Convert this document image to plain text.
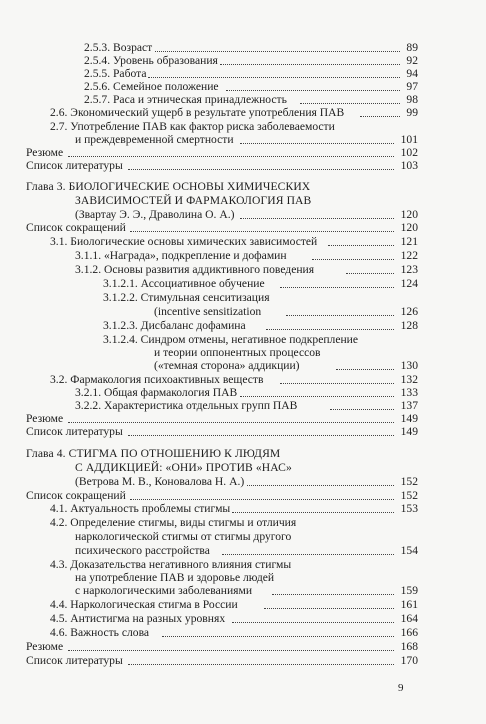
2.5.3. Возраст	89
2.5.4. Уровень образования	92
2.5.5. Работа	94
2.5.6. Семейное положение	97
2.5.7. Раса и этническая принадлежность	98
2.6. Экономический ущерб в результате употребления ПАВ	99
2.7. Употребление ПАВ как фактор риска заболеваемости
и преждевременной смертности	101
Резюме	102
Список литературы	103
Глава 3. БИОЛОГИЧЕСКИЕ ОСНОВЫ ХИМИЧЕСКИХ
ЗАВИСИМОСТЕЙ И ФАРМАКОЛОГИЯ ПАВ
(Звартау Э. Э., Драволина О. А.)	120
Список сокращений	120
3.1. Биологические основы химических зависимостей	121
3.1.1. «Награда», подкрепление и дофамин	122
3.1.2. Основы развития аддиктивного поведения	123
3.1.2.1. Ассоциативное обучение	124
3.1.2.2. Стимульная сенситизация
(incentive sensitization	126
3.1.2.3. Дисбаланс дофамина	128
3.1.2.4. Синдром отмены, негативное подкрепление
и теории оппонентных процессов
(«темная сторона» аддикции)	130
3.2. Фармакология психоактивных веществ	132
3.2.1. Общая фармакология ПАВ	133
3.2.2. Характеристика отдельных групп ПАВ	137
Резюме	149
Список литературы	149
Глава 4. СТИГМА ПО ОТНОШЕНИЮ К ЛЮДЯМ
С АДДИКЦИЕЙ: «ОНИ» ПРОТИВ «НАС»
(Ветрова М. В., Коновалова Н. А.)	152
Список сокращений	152
4.1. Актуальность проблемы стигмы	153
4.2. Определение стигмы, виды стигмы и отличия
наркологической стигмы от стигмы другого
психического расстройства	154
4.3. Доказательства негативного влияния стигмы
на употребление ПАВ и здоровье людей
с наркологическими заболеваниями	159
4.4. Наркологическая стигма в России	161
4.5. Антистигма на разных уровнях	164
4.6. Важность слова	166
Резюме	168
Список литературы	170
9
